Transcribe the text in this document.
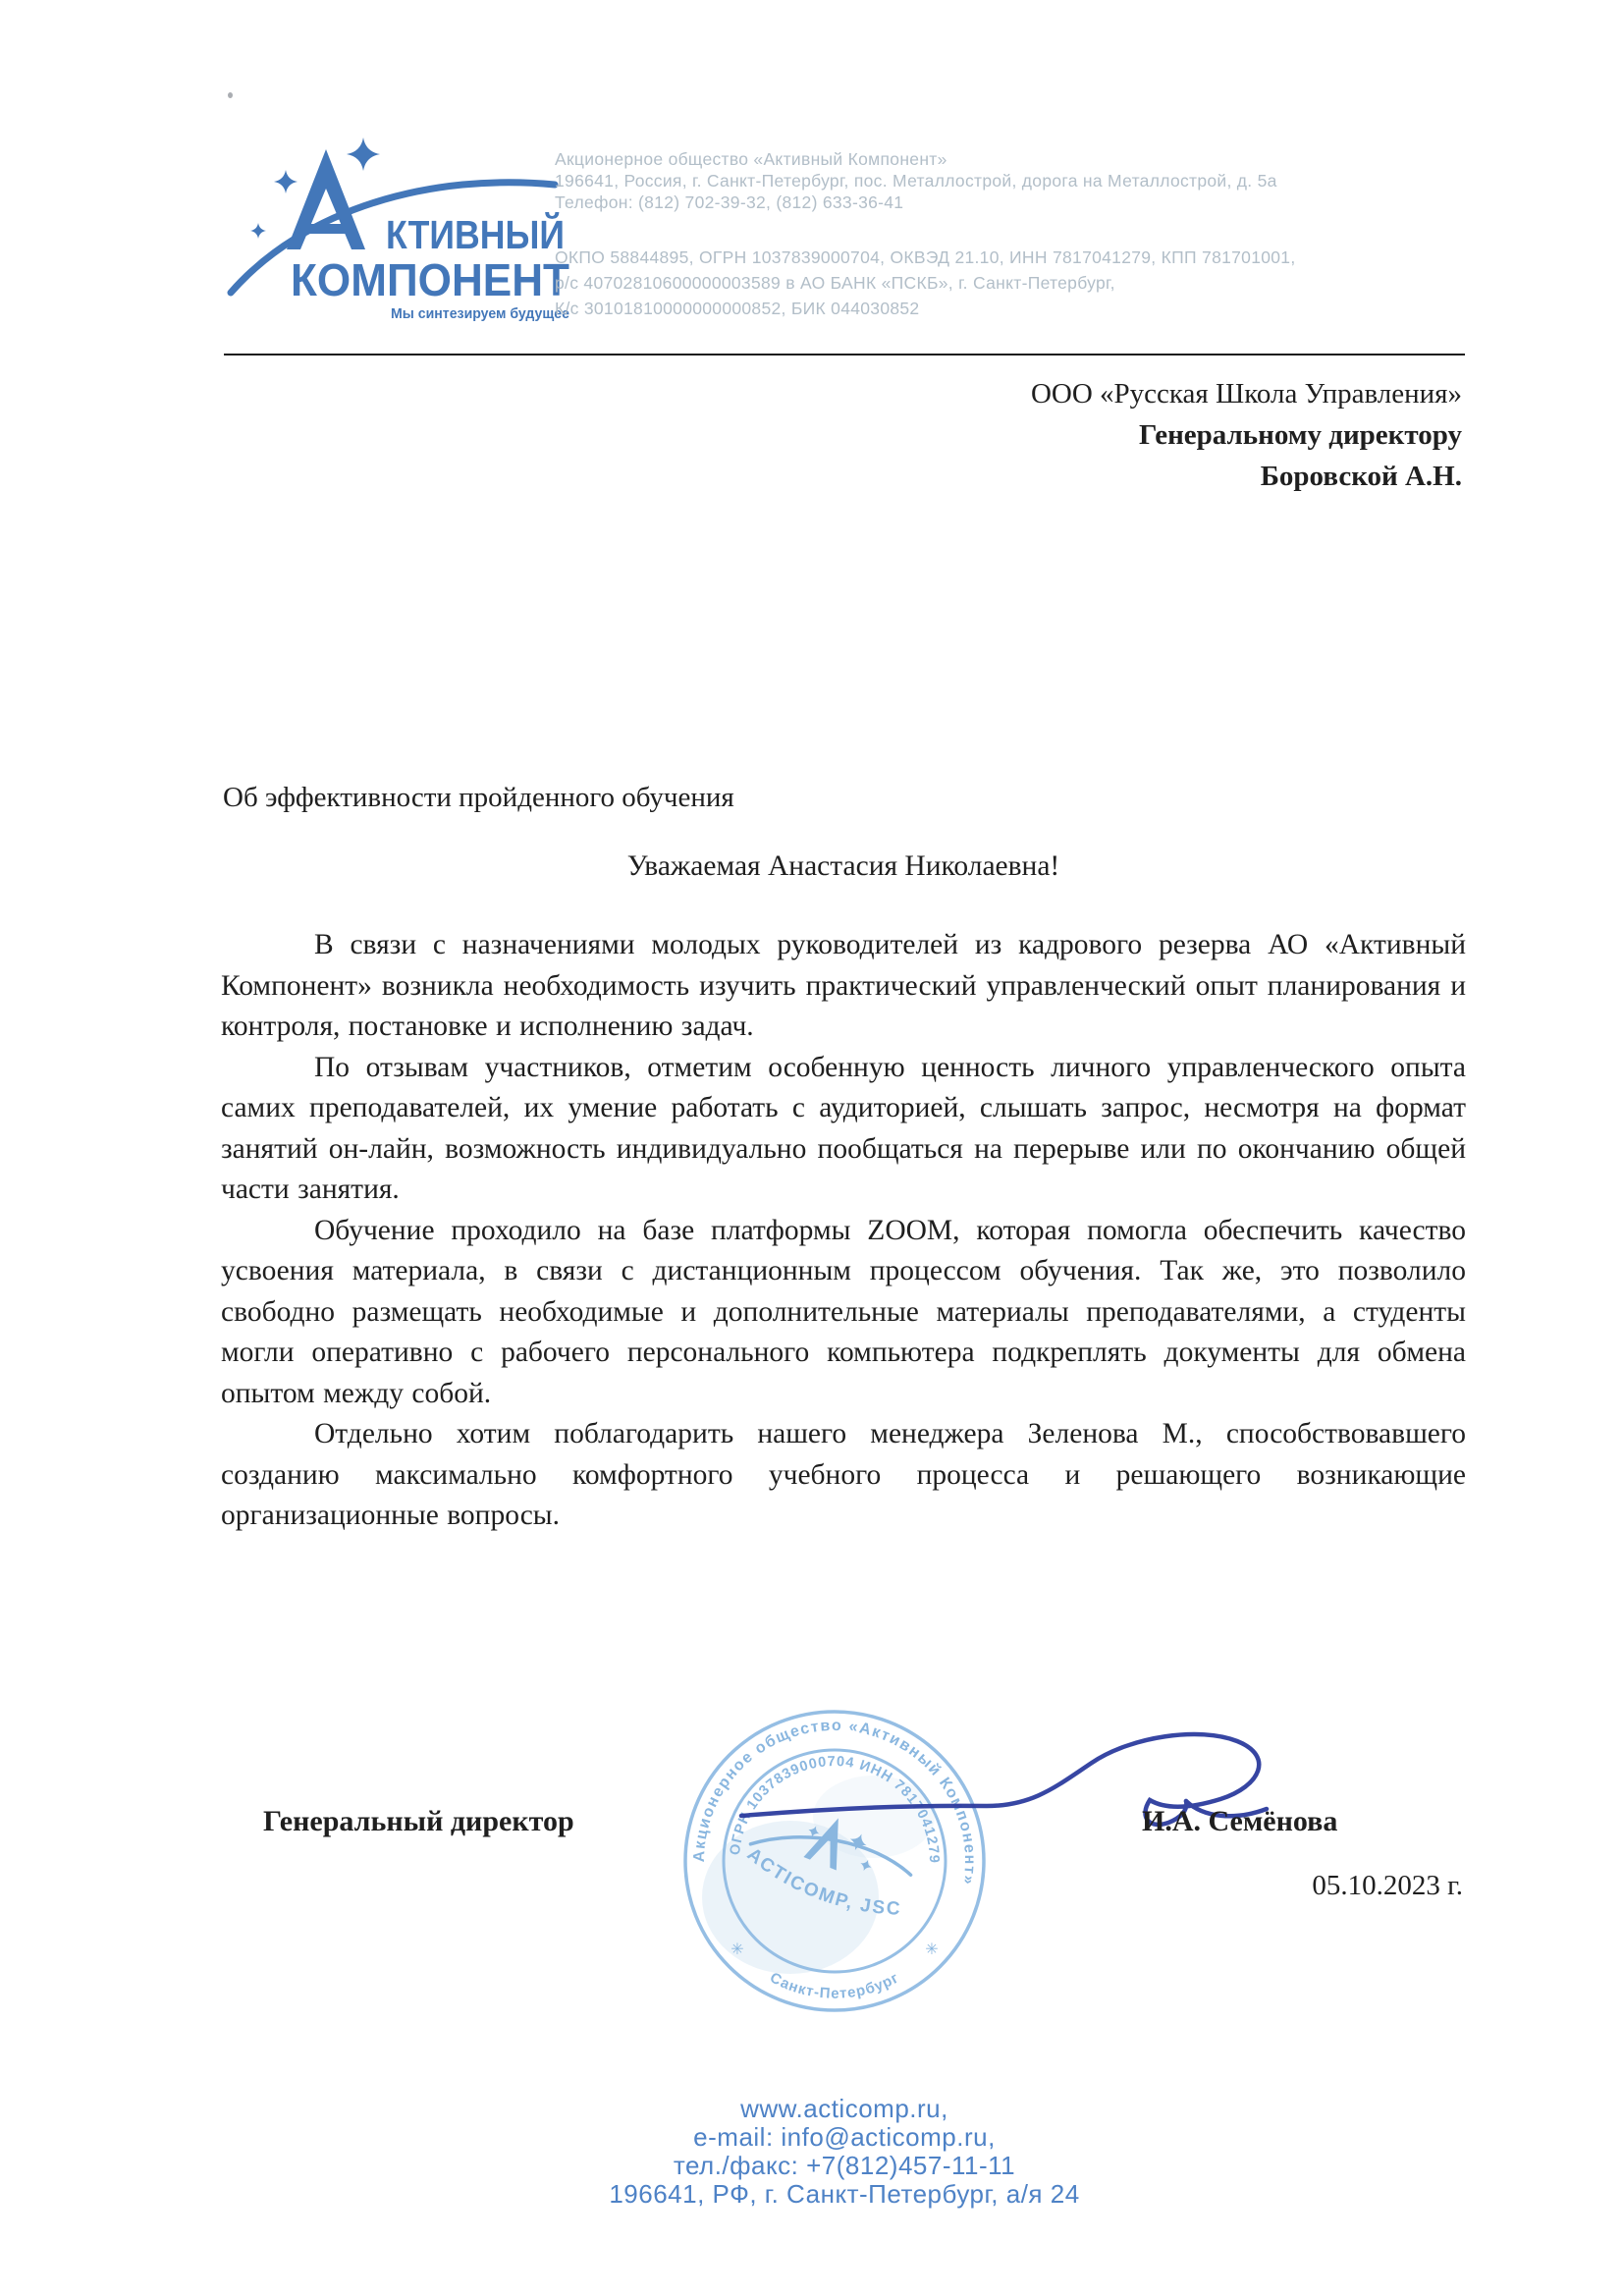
КТИВНЫЙ
КОМПОНЕНТ
Мы синтезируем будущее
Акционерное общество «Активный Компонент»
196641, Россия, г. Санкт-Петербург, пос. Металлострой, дорога на Металлострой, д. 5а
Телефон: (812) 702-39-32, (812) 633-36-41
ОКПО 58844895, ОГРН 1037839000704, ОКВЭД 21.10, ИНН 7817041279, КПП 781701001,
р/с 40702810600000003589 в АО БАНК «ПСКБ», г. Санкт-Петербург,
К/с 30101810000000000852, БИК 044030852
ООО «Русская Школа Управления»
Генеральному директору
Боровской А.Н.
Об эффективности пройденного обучения
Уважаемая Анастасия Николаевна!

В связи с назначениями молодых руководителей из кадрового резерва АО «Активный Компонент» возникла необходимость изучить практический управленческий опыт планирования и контроля, постановке и исполнению задач.

По отзывам участников, отметим особенную ценность личного управленческого опыта самих преподавателей, их умение работать с аудиторией, слышать запрос, несмотря на формат занятий он-лайн, возможность индивидуально пообщаться на перерыве или по окончанию общей части занятия.

Обучение проходило на базе платформы ZOOM, которая помогла обеспечить качество усвоения материала, в связи с дистанционным процессом обучения. Так же, это позволило свободно размещать необходимые и дополнительные материалы преподавателями, а студенты могли оперативно с рабочего персонального компьютера подкреплять документы для обмена опытом между собой.

Отдельно хотим поблагодарить нашего менеджера Зеленова М., способствовавшего созданию максимально комфортного учебного процесса и решающего возникающие организационные вопросы.

Акционерное общество «Активный Компонент»
Санкт-Петербург
ОГРН 1037839000704 ИНН 7817041279
✳	✳
ACTICOMP, JSC
Генеральный директор	И.А. Семёнова
05.10.2023 г.
www.acticomp.ru,
e-mail: info@acticomp.ru,
тел./факс: +7(812)457-11-11
196641, РФ, г. Санкт-Петербург, а/я 24
